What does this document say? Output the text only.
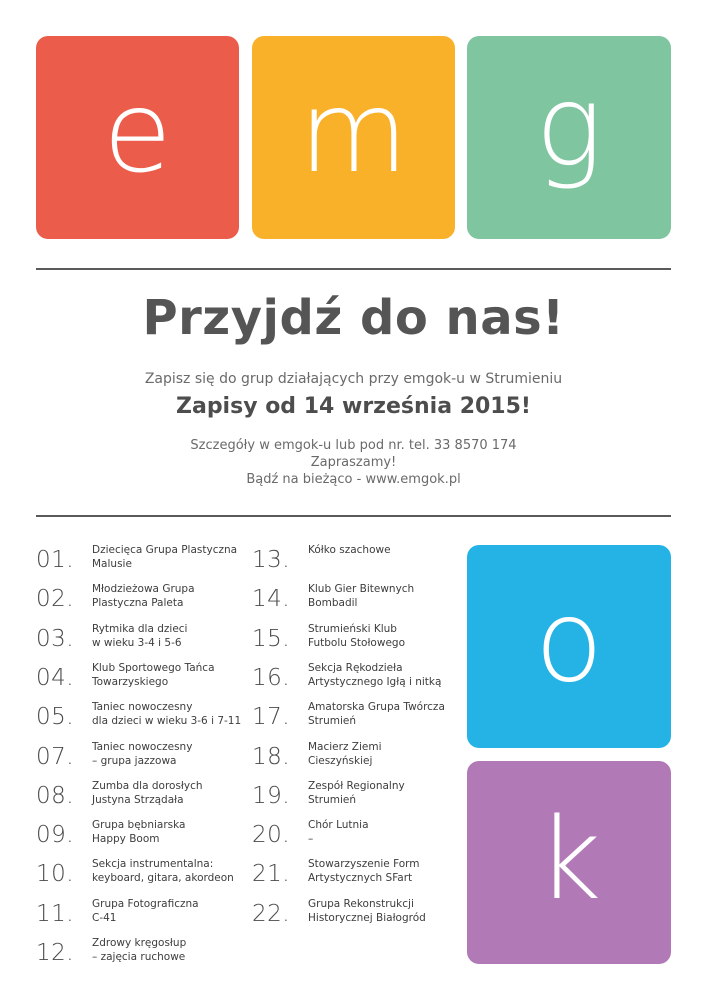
e m g
Przyjdź do nas!
Zapisz się do grup działających przy emgok-u w Strumieniu
Zapisy od 14 września 2015!
Szczegóły w emgok-u lub pod nr. tel. 33 8570 174
Zapraszamy!
Bądź na bieżąco - www.emgok.pl
01.	Dziecięca Grupa Plastyczna
Malusie
02.	Młodzieżowa Grupa
Plastyczna Paleta
03.	Rytmika dla dzieci
w wieku 3-4 i 5-6
04.	Klub Sportowego Tańca
Towarzyskiego
05.	Taniec nowoczesny
dla dzieci w wieku 3-6 i 7-11
07.	Taniec nowoczesny
– grupa jazzowa
08.	Zumba dla dorosłych
Justyna Strządała
09.	Grupa bębniarska
Happy Boom
10.	Sekcja instrumentalna:
keyboard, gitara, akordeon
11.	Grupa Fotograficzna
C-41
12.	Zdrowy kręgosłup
– zajęcia ruchowe
13.	Kółko szachowe
14.	Klub Gier Bitewnych
Bombadil
15.	Strumieński Klub
Futbolu Stołowego
16.	Sekcja Rękodzieła
Artystycznego Igłą i nitką
17.	Amatorska Grupa Twórcza
Strumień
18.	Macierz Ziemi
Cieszyńskiej
19.	Zespół Regionalny
Strumień
20.	Chór Lutnia
–
21.	Stowarzyszenie Form
Artystycznych SFart
22.	Grupa Rekonstrukcji
Historycznej Białogród
o
k
